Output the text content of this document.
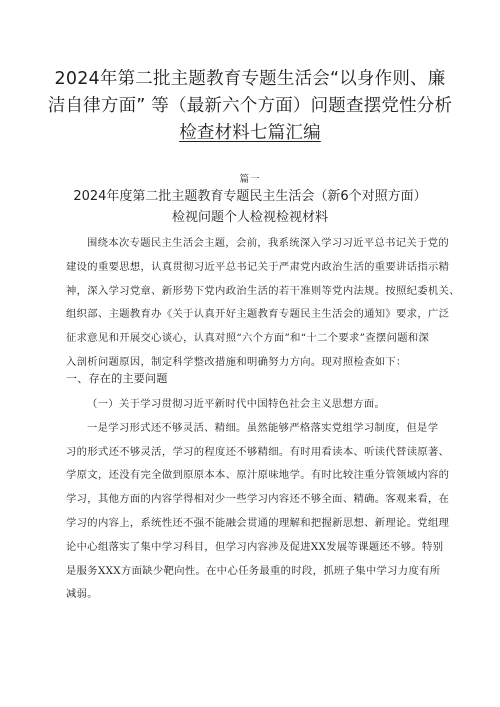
2024年第二批主题教育专题生活会“以身作则、廉
洁自律方面” 等（最新六个方面）问题查摆党性分析
检查材料七篇汇编
篇一
2024年度第二批主题教育专题民主生活会（新6个对照方面）
检视问题个人检视检视材料
围绕本次专题民主生活会主题，会前，我系统深入学习习近平总书记关于党的
建设的重要思想，认真贯彻习近平总书记关于严肃党内政治生活的重要讲话指示精
神，深入学习党章、新形势下党内政治生活的若干准则等党内法规。按照纪委机关、
组织部、主题教育办《关于认真开好主题教育专题民主生活会的通知》要求，广泛
征求意见和开展交心谈心，认真对照“六个方面”和“十二个要求”查摆问题和深
入剖析问题原因，制定科学整改措施和明确努力方向。现对照检查如下：
一、存在的主要问题
（一）关于学习贯彻习近平新时代中国特色社会主义思想方面。
一是学习形式还不够灵活、精细。虽然能够严格落实党组学习制度，但是学
习的形式还不够灵活，学习的程度还不够精细。有时用看读本、听读代替读原著、
学原文，还没有完全做到原原本本、原汁原味地学。有时比较注重分管领域内容的
学习，其他方面的内容学得相对少一些学习内容还不够全面、精确。客观来看，在
学习的内容上，系统性还不强不能融会贯通的理解和把握新思想、新理论。党组理
论中心组落实了集中学习科目，但学习内容涉及促进XX发展等课题还不够。特别
是服务XXX方面缺少靶向性。在中心任务最重的时段，抓班子集中学习力度有所
减弱。
